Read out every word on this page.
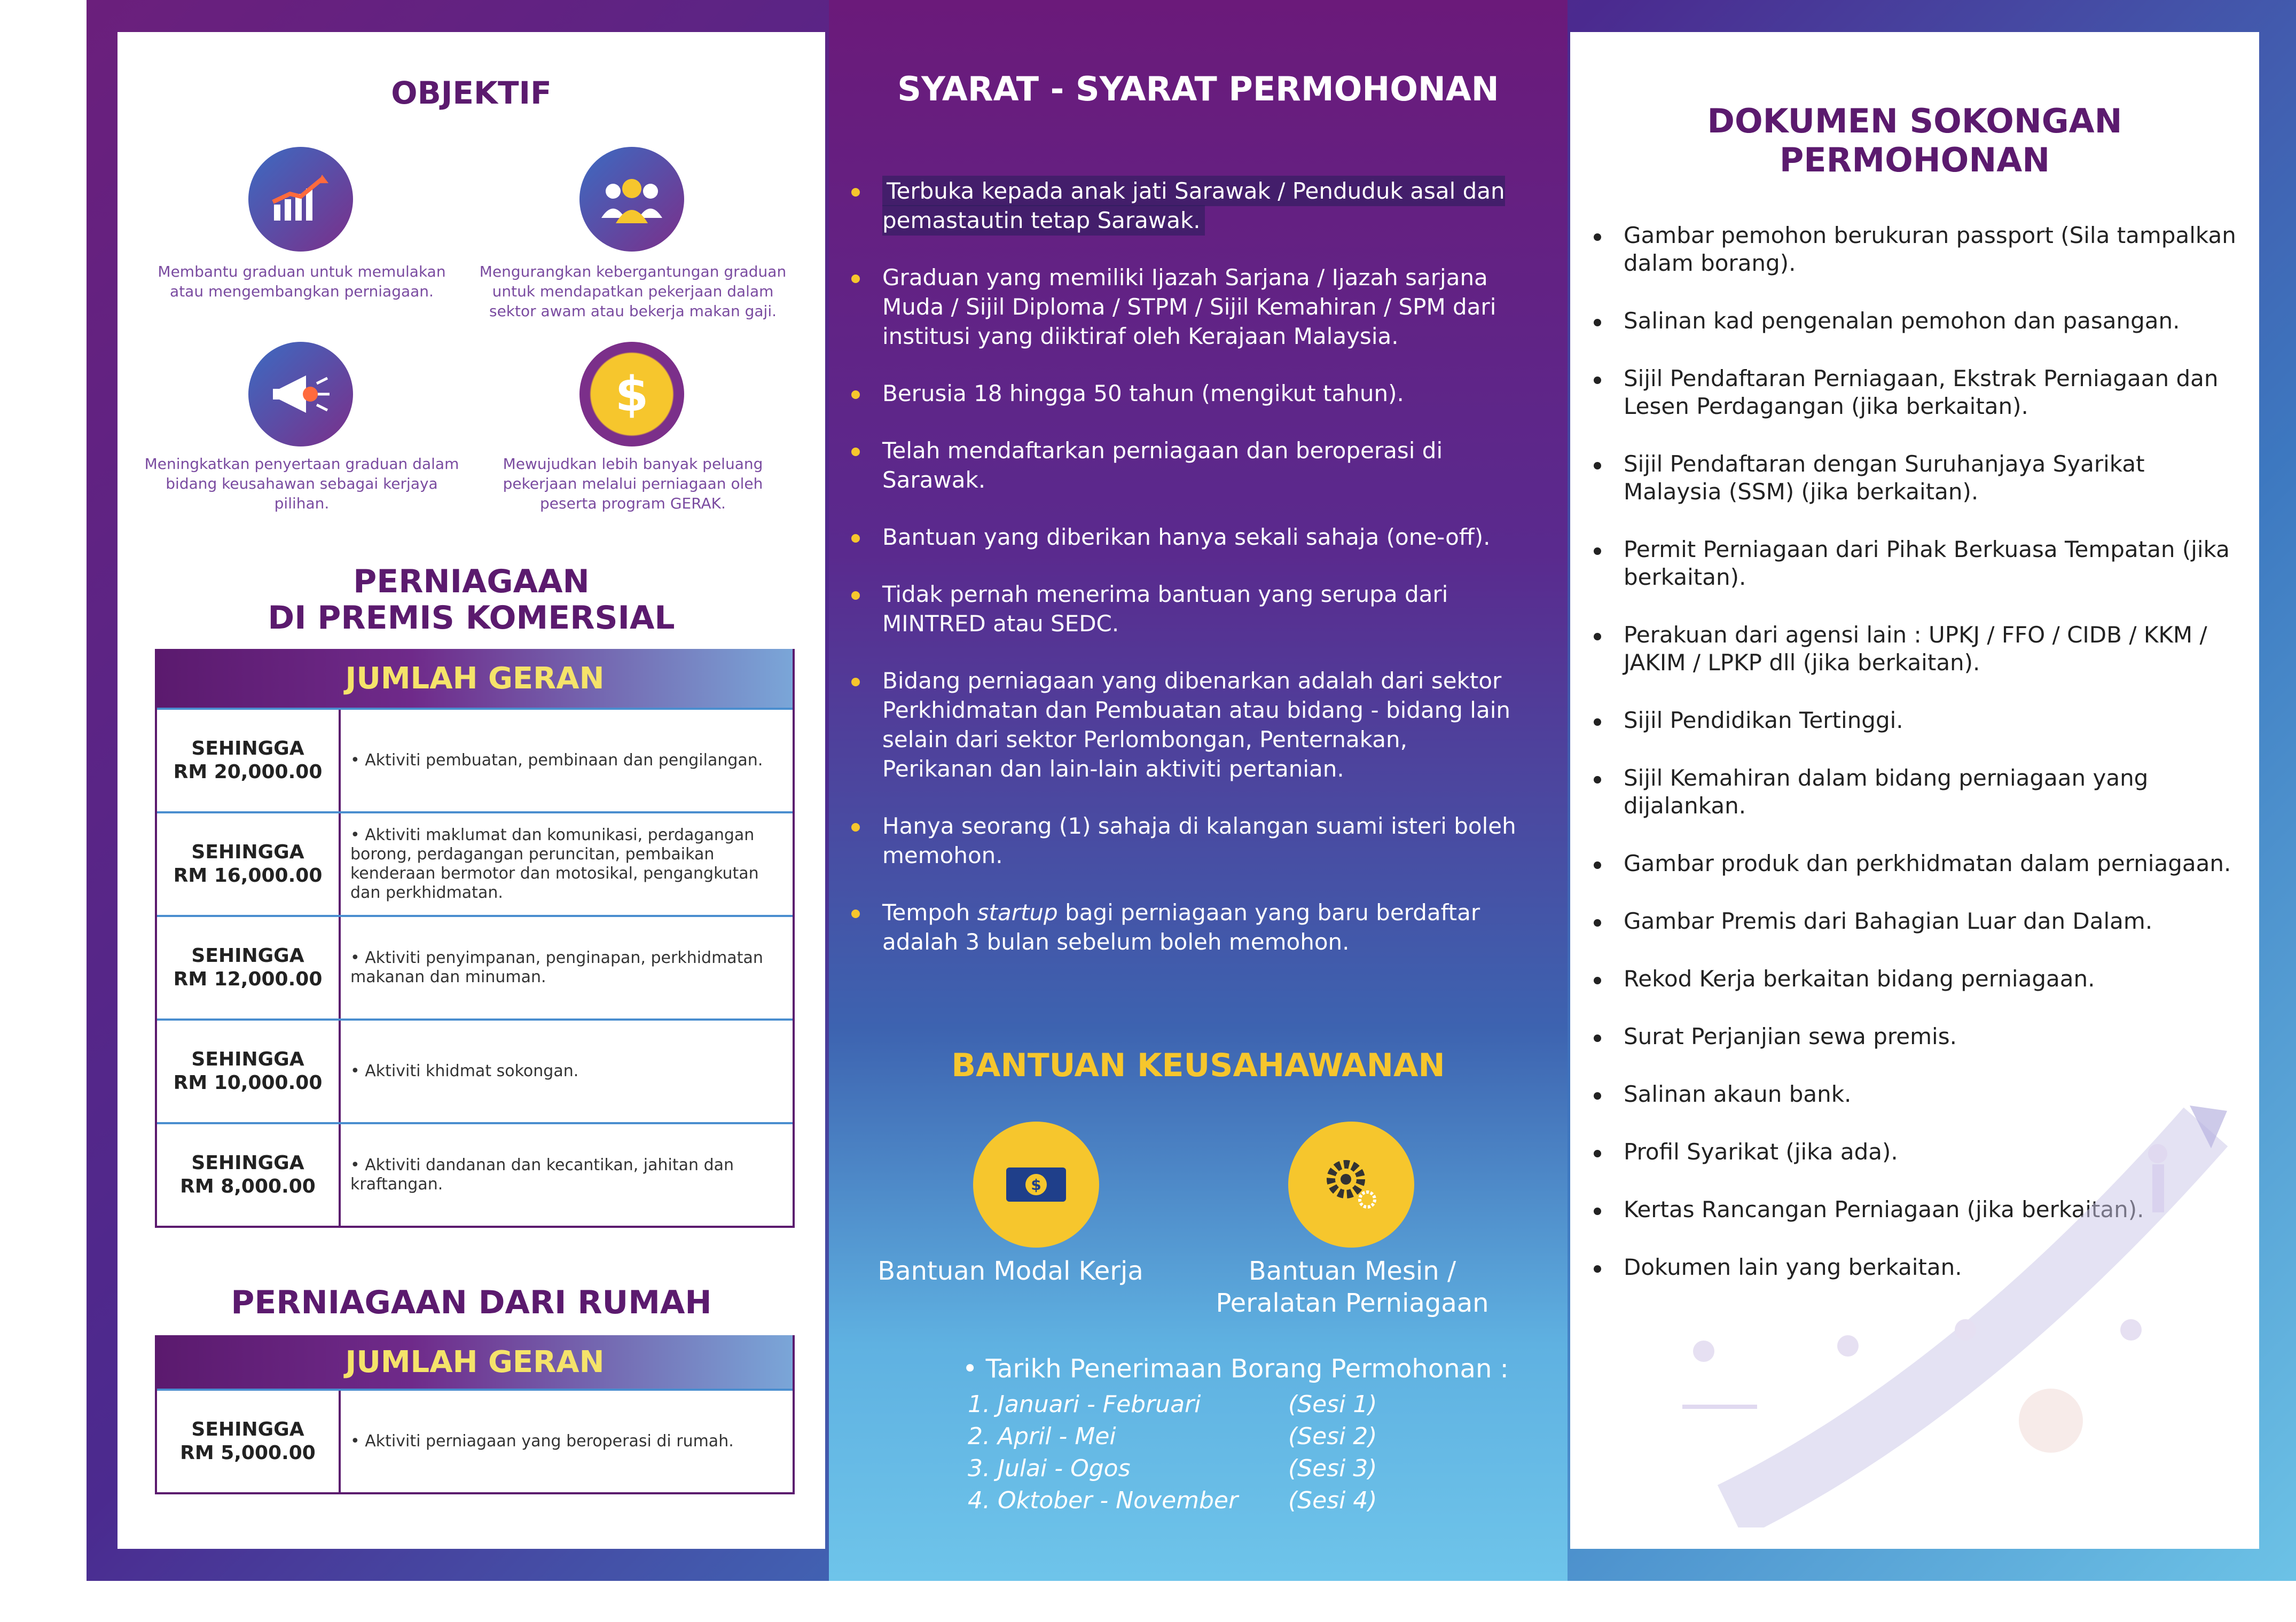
OBJEKTIF
Membantu graduan untuk memulakan atau mengembangkan perniagaan.
Mengurangkan kebergantungan graduan untuk mendapatkan pekerjaan dalam sektor awam atau bekerja makan gaji.
$
Meningkatkan penyertaan graduan dalam bidang keusahawan sebagai kerjaya pilihan.
Mewujudkan lebih banyak peluang pekerjaan melalui perniagaan oleh peserta program GERAK.
PERNIAGAAN
DI PREMIS KOMERSIAL
JUMLAH GERAN
SEHINGGA
RM 20,000.00
• Aktiviti pembuatan, pembinaan dan pengilangan.
SEHINGGA
RM 16,000.00
• Aktiviti maklumat dan komunikasi, perdagangan borong, perdagangan peruncitan, pembaikan kenderaan bermotor dan motosikal, pengangkutan dan perkhidmatan.
SEHINGGA
RM 12,000.00
• Aktiviti penyimpanan, penginapan, perkhidmatan makanan dan minuman.
SEHINGGA
RM 10,000.00
• Aktiviti khidmat sokongan.
SEHINGGA
RM 8,000.00
• Aktiviti dandanan dan kecantikan, jahitan dan kraftangan.
PERNIAGAAN DARI RUMAH
JUMLAH GERAN
SEHINGGA
RM 5,000.00
• Aktiviti perniagaan yang beroperasi di rumah.
SYARAT - SYARAT PERMOHONAN
Terbuka kepada anak jati Sarawak / Penduduk asal dan pemastautin tetap Sarawak.
Graduan yang memiliki Ijazah Sarjana / Ijazah sarjana Muda / Sijil Diploma / STPM / Sijil Kemahiran / SPM dari institusi yang diiktiraf oleh Kerajaan Malaysia.
Berusia 18 hingga 50 tahun (mengikut tahun).
Telah mendaftarkan perniagaan dan beroperasi di Sarawak.
Bantuan yang diberikan hanya sekali sahaja (one-off).
Tidak pernah menerima bantuan yang serupa dari MINTRED atau SEDC.
Bidang perniagaan yang dibenarkan adalah dari sektor Perkhidmatan dan Pembuatan atau bidang - bidang lain selain dari sektor Perlombongan, Penternakan, Perikanan dan lain-lain aktiviti pertanian.
Hanya seorang (1) sahaja di kalangan suami isteri boleh memohon.
Tempoh startup bagi perniagaan yang baru berdaftar adalah 3 bulan sebelum boleh memohon.
BANTUAN KEUSAHAWANAN
$
Bantuan Modal Kerja	Bantuan Mesin /
Peralatan Perniagaan
• Tarikh Penerimaan Borang Permohonan :
1. Januari - Februari	(Sesi 1)
2. April - Mei	(Sesi 2)
3. Julai - Ogos	(Sesi 3)
4. Oktober - November	(Sesi 4)
DOKUMEN SOKONGAN PERMOHONAN
Gambar pemohon berukuran passport (Sila tampalkan dalam borang).
Salinan kad pengenalan pemohon dan pasangan.
Sijil Pendaftaran Perniagaan, Ekstrak Perniagaan dan Lesen Perdagangan (jika berkaitan).
Sijil Pendaftaran dengan Suruhanjaya Syarikat Malaysia (SSM) (jika berkaitan).
Permit Perniagaan dari Pihak Berkuasa Tempatan (jika berkaitan).
Perakuan dari agensi lain : UPKJ / FFO / CIDB / KKM / JAKIM / LPKP dll (jika berkaitan).
Sijil Pendidikan Tertinggi.
Sijil Kemahiran dalam bidang perniagaan yang dijalankan.
Gambar produk dan perkhidmatan dalam perniagaan.
Gambar Premis dari Bahagian Luar dan Dalam.
Rekod Kerja berkaitan bidang perniagaan.
Surat Perjanjian sewa premis.
Salinan akaun bank.
Profil Syarikat (jika ada).
Kertas Rancangan Perniagaan (jika berkaitan).
Dokumen lain yang berkaitan.
